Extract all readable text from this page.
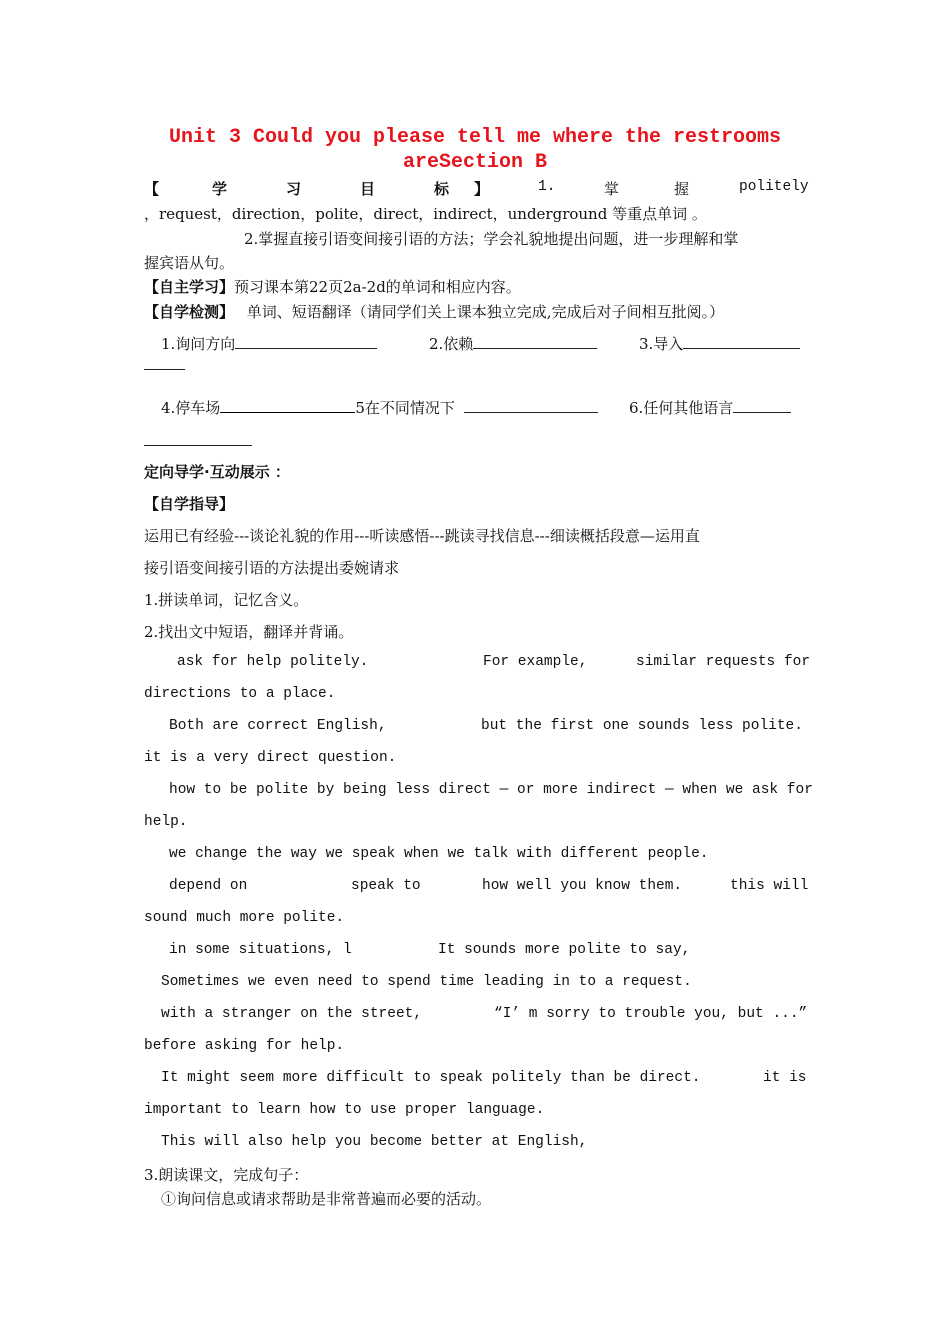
Unit 3 Could you please tell me where the restrooms
areSection B
【	学	习	目	标 】	1.	掌	握	politely
，request，direction，polite，direct，indirect，underground 等重点单词 。
2.掌握直接引语变间接引语的方法；学会礼貌地提出问题，进一步理解和掌
握宾语从句。
【自主学习】预习课本第22页2a-2d的单词和相应内容。
【自学检测】 单词、短语翻译（请同学们关上课本独立完成,完成后对子间相互批阅。）
1.询问方向	2.依赖	3.导入
4.停车场	5在不同情况下	6.任何其他语言
定向导学·互动展示 ：
【自学指导】
运用已有经验---谈论礼貌的作用---听读感悟---跳读寻找信息---细读概括段意—运用直
接引语变间接引语的方法提出委婉请求
1.拼读单词，记忆含义。
2.找出文中短语，翻译并背诵。
ask for help politely.	For example,	similar requests for
directions to a place.
Both are correct English,	but the first one sounds less polite.
it is a very direct question.
how to be polite by being less direct — or more indirect — when we ask for
help.
we change the way we speak when we talk with different people.
depend on	speak to	how well you know them.	this will
sound much more polite.
in some situations, l	It sounds more polite to say,
Sometimes we even need to spend time leading in to a request.
with a stranger on the street,	“I’ m sorry to trouble you, but ...”
before asking for help.
It might seem more difficult to speak politely than be direct.	it is
important to learn how to use proper language.
This will also help you become better at English,
3.朗读课文，完成句子：
①询问信息或请求帮助是非常普遍而必要的活动。
